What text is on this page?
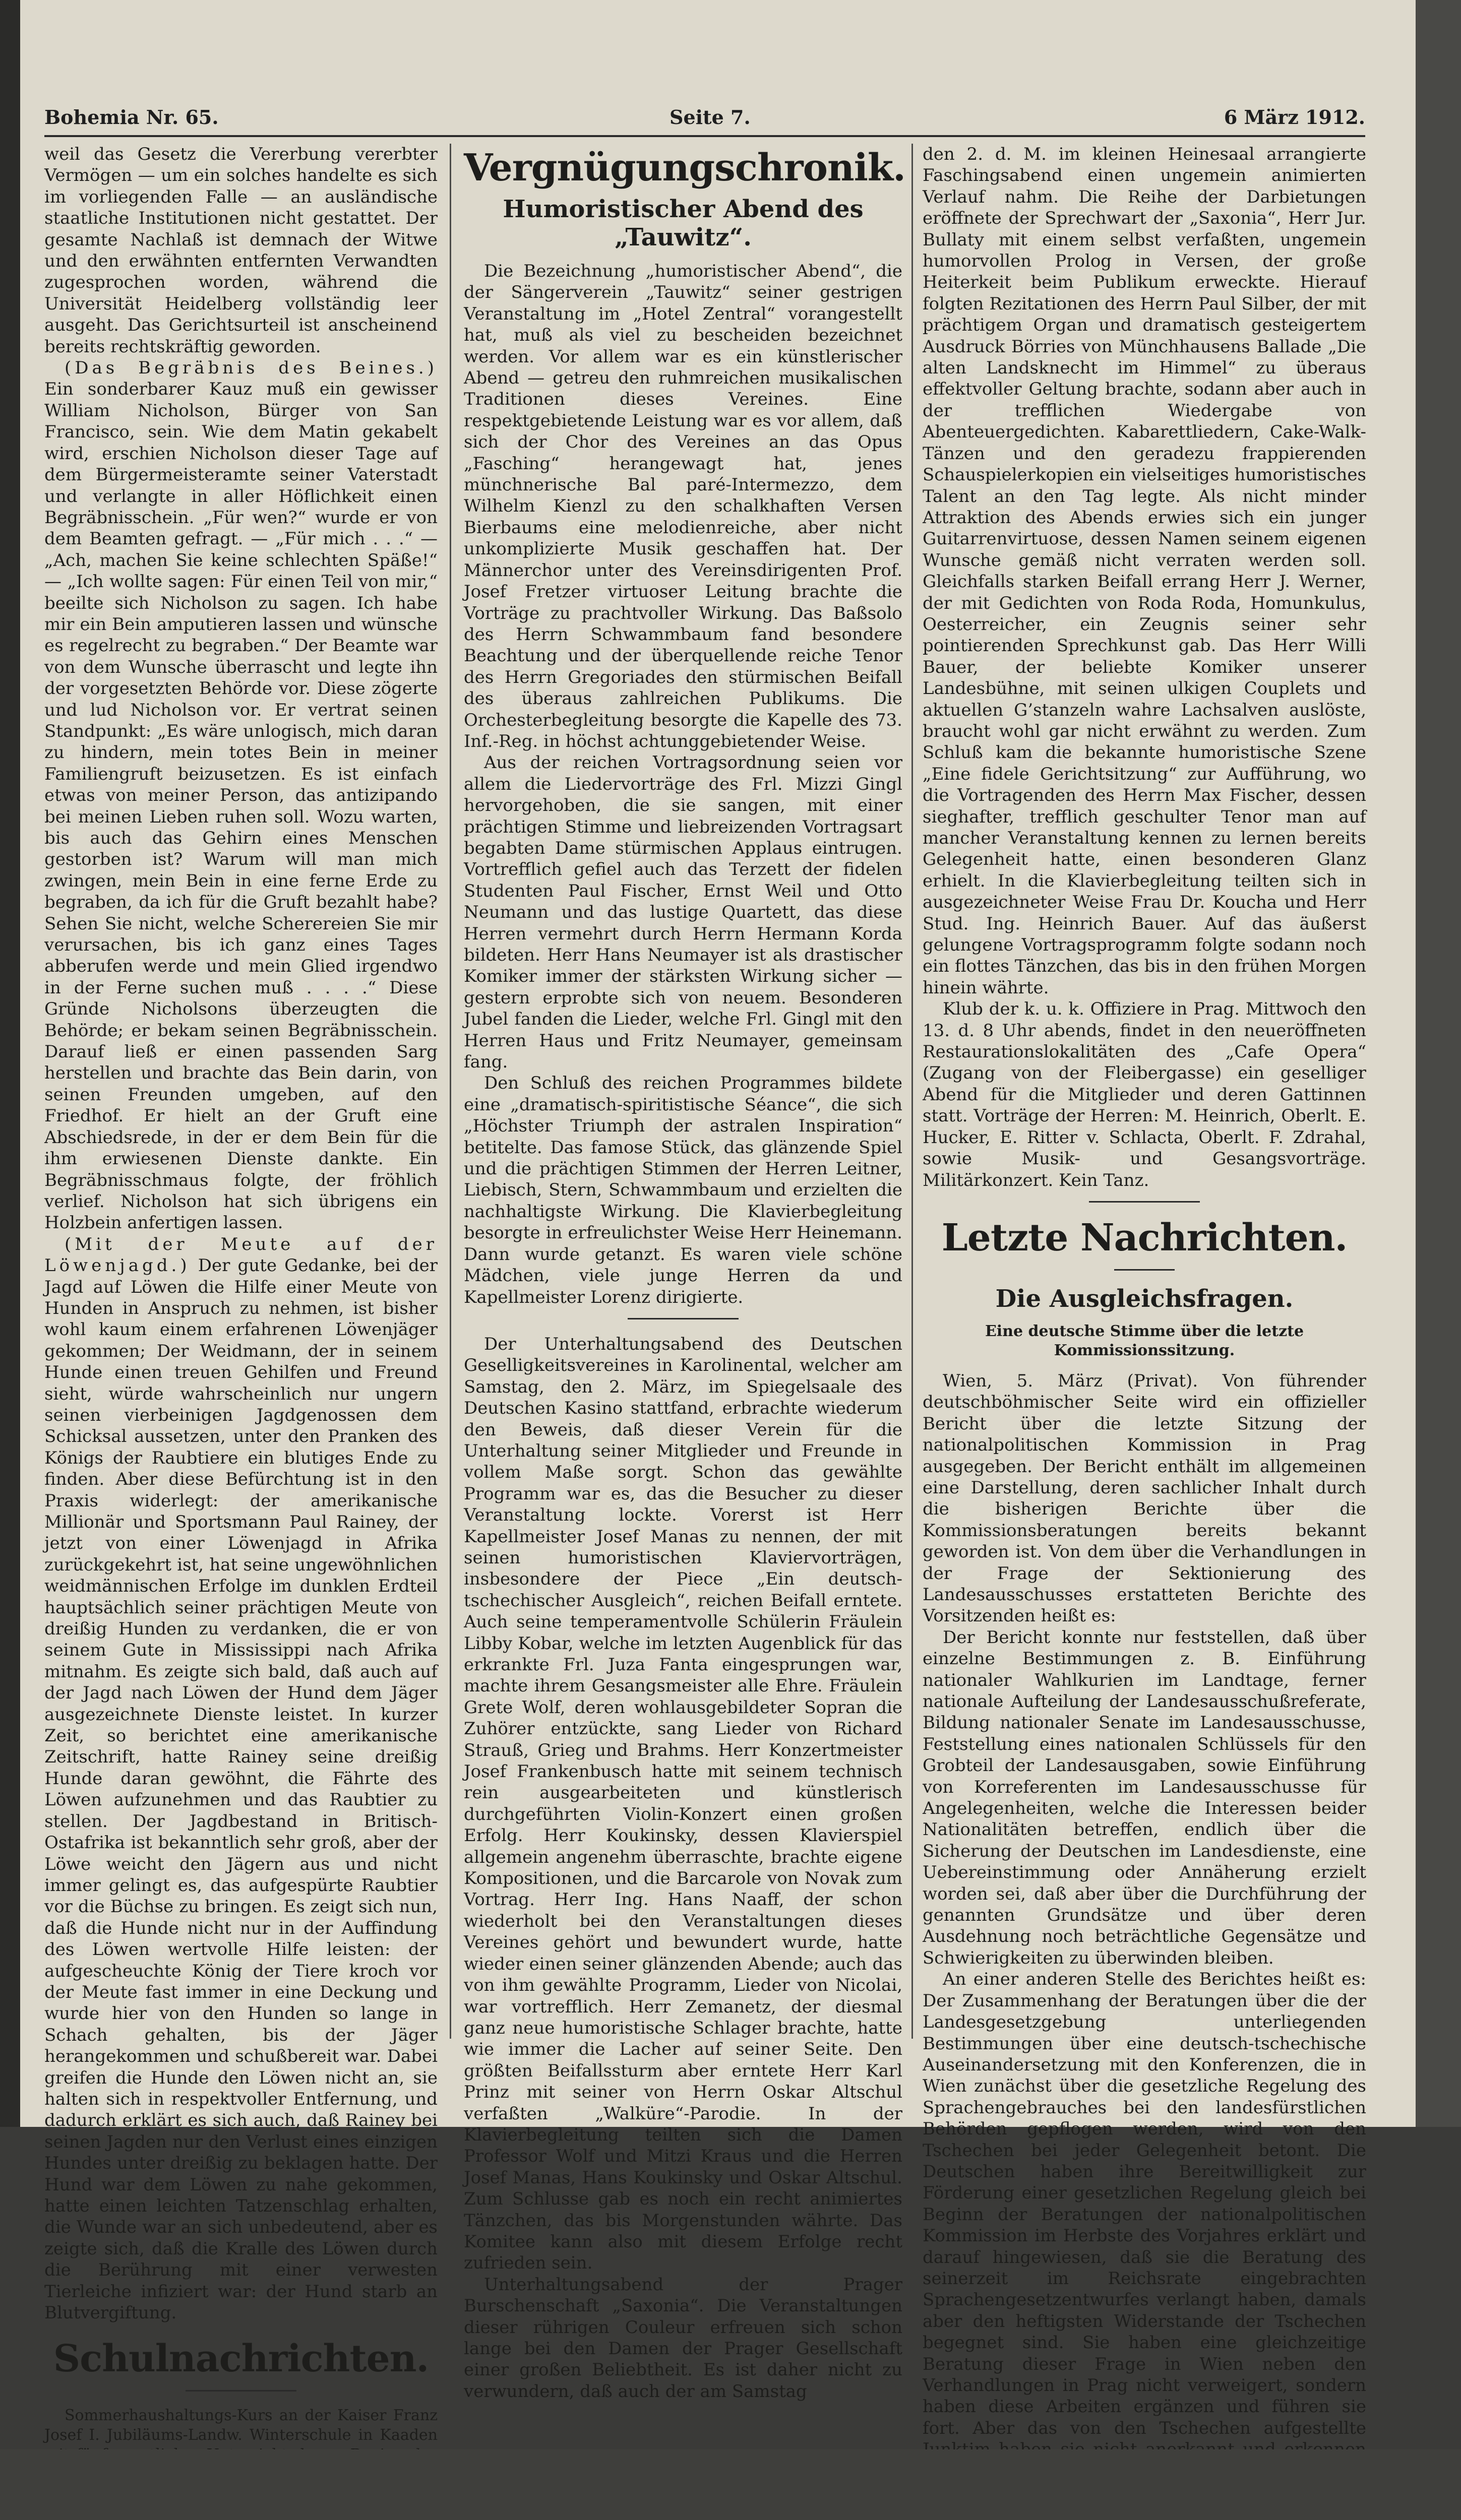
Bohemia Nr. 65.	Seite 7.	6 März 1912.

weil das Gesetz die Vererbung vererbter Vermögen — um ein solches handelte es sich im vorliegenden Falle — an ausländische staatliche Institutionen nicht gestattet. Der gesamte Nachlaß ist demnach der Witwe und den erwähnten entfernten Verwandten zugesprochen worden, während die Universität Heidelberg vollständig leer ausgeht. Das Gerichtsurteil ist anscheinend bereits rechtskräftig geworden.

(Das Begräbnis des Beines.) Ein sonderbarer Kauz muß ein gewisser William Nicholson, Bürger von San Francisco, sein. Wie dem Matin gekabelt wird, erschien Nicholson dieser Tage auf dem Bürgermeisteramte seiner Vaterstadt und verlangte in aller Höflichkeit einen Begräbnisschein. „Für wen?“ wurde er von dem Beamten gefragt. — „Für mich . . .“ — „Ach, machen Sie keine schlechten Späße!“ — „Ich wollte sagen: Für einen Teil von mir,“ beeilte sich Nicholson zu sagen. Ich habe mir ein Bein amputieren lassen und wünsche es regelrecht zu begraben.“ Der Beamte war von dem Wunsche überrascht und legte ihn der vorgesetzten Behörde vor. Diese zögerte und lud Nicholson vor. Er vertrat seinen Standpunkt: „Es wäre unlogisch, mich daran zu hindern, mein totes Bein in meiner Familiengruft beizusetzen. Es ist einfach etwas von meiner Person, das antizipando bei meinen Lieben ruhen soll. Wozu warten, bis auch das Gehirn eines Menschen gestorben ist? Warum will man mich zwingen, mein Bein in eine ferne Erde zu begraben, da ich für die Gruft bezahlt habe? Sehen Sie nicht, welche Scherereien Sie mir verursachen, bis ich ganz eines Tages abberufen werde und mein Glied irgendwo in der Ferne suchen muß . . . .“ Diese Gründe Nicholsons überzeugten die Behörde; er bekam seinen Begräbnisschein. Darauf ließ er einen passenden Sarg herstellen und brachte das Bein darin, von seinen Freunden umgeben, auf den Friedhof. Er hielt an der Gruft eine Abschiedsrede, in der er dem Bein für die ihm erwiesenen Dienste dankte. Ein Begräbnisschmaus folgte, der fröhlich verlief. Nicholson hat sich übrigens ein Holzbein anfertigen lassen.

(Mit der Meute auf der Löwenjagd.) Der gute Gedanke, bei der Jagd auf Löwen die Hilfe einer Meute von Hunden in Anspruch zu nehmen, ist bisher wohl kaum einem erfahrenen Löwenjäger gekommen; Der Weidmann, der in seinem Hunde einen treuen Gehilfen und Freund sieht, würde wahrscheinlich nur ungern seinen vierbeinigen Jagdgenossen dem Schicksal aussetzen, unter den Pranken des Königs der Raubtiere ein blutiges Ende zu finden. Aber diese Befürchtung ist in den Praxis widerlegt: der amerikanische Millionär und Sportsmann Paul Rainey, der jetzt von einer Löwenjagd in Afrika zurückgekehrt ist, hat seine ungewöhnlichen weidmännischen Erfolge im dunklen Erdteil hauptsächlich seiner prächtigen Meute von dreißig Hunden zu verdanken, die er von seinem Gute in Mississippi nach Afrika mitnahm. Es zeigte sich bald, daß auch auf der Jagd nach Löwen der Hund dem Jäger ausgezeichnete Dienste leistet. In kurzer Zeit, so berichtet eine amerikanische Zeitschrift, hatte Rainey seine dreißig Hunde daran gewöhnt, die Fährte des Löwen aufzunehmen und das Raubtier zu stellen. Der Jagdbestand in Britisch-Ostafrika ist bekanntlich sehr groß, aber der Löwe weicht den Jägern aus und nicht immer gelingt es, das aufgespürte Raubtier vor die Büchse zu bringen. Es zeigt sich nun, daß die Hunde nicht nur in der Auffindung des Löwen wertvolle Hilfe leisten: der aufgescheuchte König der Tiere kroch vor der Meute fast immer in eine Deckung und wurde hier von den Hunden so lange in Schach gehalten, bis der Jäger herangekommen und schußbereit war. Dabei greifen die Hunde den Löwen nicht an, sie halten sich in respektvoller Entfernung, und dadurch erklärt es sich auch, daß Rainey bei seinen Jagden nur den Verlust eines einzigen Hundes unter dreißig zu beklagen hatte. Der Hund war dem Löwen zu nahe gekommen, hatte einen leichten Tatzenschlag erhalten, die Wunde war an sich unbedeutend, aber es zeigte sich, daß die Kralle des Löwen durch die Berührung mit einer verwesten Tierleiche infiziert war: der Hund starb an Blutvergiftung.

Schulnachrichten.

Sommerhaushaltungs-Kurs an der Kaiser Franz Josef I. Jubiläums-Landw. Winterschule in Kaaden

Vergnügungschronik.
Humoristischer Abend des „Tauwitz“.

Die Bezeichnung „humoristischer Abend“, die der Sängerverein „Tauwitz“ seiner gestrigen Veranstaltung im „Hotel Zentral“ vorangestellt hat, muß als viel zu bescheiden bezeichnet werden. Vor allem war es ein künstlerischer Abend — getreu den ruhmreichen musikalischen Traditionen dieses Vereines. Eine respektgebietende Leistung war es vor allem, daß sich der Chor des Vereines an das Opus „Fasching“ herangewagt hat, jenes münchnerische Bal paré-Intermezzo, dem Wilhelm Kienzl zu den schalkhaften Versen Bierbaums eine melodienreiche, aber nicht unkomplizierte Musik geschaffen hat. Der Männerchor unter des Vereinsdirigenten Prof. Josef Fretzer virtuoser Leitung brachte die Vorträge zu prachtvoller Wirkung. Das Baßsolo des Herrn Schwammbaum fand besondere Beachtung und der überquellende reiche Tenor des Herrn Gregoriades den stürmischen Beifall des überaus zahlreichen Publikums. Die Orchesterbegleitung besorgte die Kapelle des 73. Inf.-Reg. in höchst achtunggebietender Weise.

Aus der reichen Vortragsordnung seien vor allem die Liedervorträge des Frl. Mizzi Gingl hervorgehoben, die sie sangen, mit einer prächtigen Stimme und liebreizenden Vortragsart begabten Dame stürmischen Applaus eintrugen. Vortrefflich gefiel auch das Terzett der fidelen Studenten Paul Fischer, Ernst Weil und Otto Neumann und das lustige Quartett, das diese Herren vermehrt durch Herrn Hermann Korda bildeten. Herr Hans Neumayer ist als drastischer Komiker immer der stärksten Wirkung sicher — gestern erprobte sich von neuem. Besonderen Jubel fanden die Lieder, welche Frl. Gingl mit den Herren Haus und Fritz Neumayer, gemeinsam fang.

Den Schluß des reichen Programmes bildete eine „dramatisch-spiritistische Séance“, die sich „Höchster Triumph der astralen Inspiration“ betitelte. Das famose Stück, das glänzende Spiel und die prächtigen Stimmen der Herren Leitner, Liebisch, Stern, Schwammbaum und erzielten die nachhaltigste Wirkung. Die Klavierbegleitung besorgte in erfreulichster Weise Herr Heinemann. Dann wurde getanzt. Es waren viele schöne Mädchen, viele junge Herren da und Kapellmeister Lorenz dirigierte.

Der Unterhaltungsabend des Deutschen Geselligkeitsvereines in Karolinental, welcher am Samstag, den 2. März, im Spiegelsaale des Deutschen Kasino stattfand, erbrachte wiederum den Beweis, daß dieser Verein für die Unterhaltung seiner Mitglieder und Freunde in vollem Maße sorgt. Schon das gewählte Programm war es, das die Besucher zu dieser Veranstaltung lockte. Vorerst ist Herr Kapellmeister Josef Manas zu nennen, der mit seinen humoristischen Klaviervorträgen, insbesondere der Piece „Ein deutsch-tschechischer Ausgleich“, reichen Beifall erntete. Auch seine temperamentvolle Schülerin Fräulein Libby Kobar, welche im letzten Augenblick für das erkrankte Frl. Juza Fanta eingesprungen war, machte ihrem Gesangsmeister alle Ehre. Fräulein Grete Wolf, deren wohlausgebildeter Sopran die Zuhörer entzückte, sang Lieder von Richard Strauß, Grieg und Brahms. Herr Konzertmeister Josef Frankenbusch hatte mit seinem technisch rein ausgearbeiteten und künstlerisch durchgeführten Violin-Konzert einen großen Erfolg. Herr Koukinsky, dessen Klavierspiel allgemein angenehm überraschte, brachte eigene Kompositionen, und die Barcarole von Novak zum Vortrag. Herr Ing. Hans Naaff, der schon wiederholt bei den Veranstaltungen dieses Vereines gehört und bewundert wurde, hatte wieder einen seiner glänzenden Abende; auch das von ihm gewählte Programm, Lieder von Nicolai, war vortrefflich. Herr Zemanetz, der diesmal ganz neue humoristische Schlager brachte, hatte wie immer die Lacher auf seiner Seite. Den größten Beifallssturm aber erntete Herr Karl Prinz mit seiner von Herrn Oskar Altschul verfaßten „Walküre“-Parodie. In der Klavierbegleitung teilten sich die Damen Professor Wolf und Mitzi Kraus und die Herren Josef Manas, Hans Koukinsky und Oskar Altschul. Zum Schlusse gab es noch ein recht animiertes Tänzchen, das bis Morgenstunden währte. Das Komitee kann also mit diesem Erfolge recht zufrieden sein.

Unterhaltungsabend der Prager Burschenschaft „Saxonia“. Die Veranstaltungen dieser rührigen Couleur erfreuen sich schon lange bei den Damen der Prager Gesellschaft einer großen Beliebtheit. Es ist daher nicht zu verwundern, daß auch der am Samstag

den 2. d. M. im kleinen Heinesaal arrangierte Faschingsabend einen ungemein animierten Verlauf nahm. Die Reihe der Darbietungen eröffnete der Sprechwart der „Saxonia“, Herr Jur. Bullaty mit einem selbst verfaßten, ungemein humorvollen Prolog in Versen, der große Heiterkeit beim Publikum erweckte. Hierauf folgten Rezitationen des Herrn Paul Silber, der mit prächtigem Organ und dramatisch gesteigertem Ausdruck Börries von Münchhausens Ballade „Die alten Landsknecht im Himmel“ zu überaus effektvoller Geltung brachte, sodann aber auch in der trefflichen Wiedergabe von Abenteuergedichten. Kabarettliedern, Cake-Walk-Tänzen und den geradezu frappierenden Schauspielerkopien ein vielseitiges humoristisches Talent an den Tag legte. Als nicht minder Attraktion des Abends erwies sich ein junger Guitarrenvirtuose, dessen Namen seinem eigenen Wunsche gemäß nicht verraten werden soll. Gleichfalls starken Beifall errang Herr J. Werner, der mit Gedichten von Roda Roda, Homunkulus, Oesterreicher, ein Zeugnis seiner sehr pointierenden Sprechkunst gab. Das Herr Willi Bauer, der beliebte Komiker unserer Landesbühne, mit seinen ulkigen Couplets und aktuellen G’stanzeln wahre Lachsalven auslöste, braucht wohl gar nicht erwähnt zu werden. Zum Schluß kam die bekannte humoristische Szene „Eine fidele Gerichtsitzung“ zur Aufführung, wo die Vortragenden des Herrn Max Fischer, dessen sieghafter, trefflich geschulter Tenor man auf mancher Veranstaltung kennen zu lernen bereits Gelegenheit hatte, einen besonderen Glanz erhielt. In die Klavierbegleitung teilten sich in ausgezeichneter Weise Frau Dr. Koucha und Herr Stud. Ing. Heinrich Bauer. Auf das äußerst gelungene Vortragsprogramm folgte sodann noch ein flottes Tänzchen, das bis in den frühen Morgen hinein währte.

Klub der k. u. k. Offiziere in Prag. Mittwoch den 13. d. 8 Uhr abends, findet in den neueröffneten Restaurationslokalitäten des „Cafe Opera“ (Zugang von der Fleibergasse) ein geselliger Abend für die Mitglieder und deren Gattinnen statt. Vorträge der Herren: M. Heinrich, Oberlt. E. Hucker, E. Ritter v. Schlacta, Oberlt. F. Zdrahal, sowie Musik- und Gesangsvorträge. Militärkonzert. Kein Tanz.

Letzte Nachrichten.
Die Ausgleichsfragen.
Eine deutsche Stimme über die letzte Kommissionssitzung.

Wien, 5. März (Privat). Von führender deutschböhmischer Seite wird ein offizieller Bericht über die letzte Sitzung der nationalpolitischen Kommission in Prag ausgegeben. Der Bericht enthält im allgemeinen eine Darstellung, deren sachlicher Inhalt durch die bisherigen Berichte über die Kommissionsberatungen bereits bekannt geworden ist. Von dem über die Verhandlungen in der Frage der Sektionierung des Landesausschusses erstatteten Berichte des Vorsitzenden heißt es:

Der Bericht konnte nur feststellen, daß über einzelne Bestimmungen z. B. Einführung nationaler Wahlkurien im Landtage, ferner nationale Aufteilung der Landesausschußreferate, Bildung nationaler Senate im Landesausschusse, Feststellung eines nationalen Schlüssels für den Grobteil der Landesausgaben, sowie Einführung von Korreferenten im Landesausschusse für Angelegenheiten, welche die Interessen beider Nationalitäten betreffen, endlich über die Sicherung der Deutschen im Landesdienste, eine Uebereinstimmung oder Annäherung erzielt worden sei, daß aber über die Durchführung der genannten Grundsätze und über deren Ausdehnung noch beträchtliche Gegensätze und Schwierigkeiten zu überwinden bleiben.

An einer anderen Stelle des Berichtes heißt es: Der Zusammenhang der Beratungen über die der Landesgesetzgebung unterliegenden Bestimmungen über eine deutsch-tschechische Auseinandersetzung mit den Konferenzen, die in Wien zunächst über die gesetzliche Regelung des Sprachengebrauches bei den landesfürstlichen Behörden gepflogen werden, wird von den Tschechen bei jeder Gelegenheit betont. Die Deutschen haben ihre Bereitwilligkeit zur Förderung einer gesetzlichen Regelung gleich bei Beginn der Beratungen der nationalpolitischen Kommission im Herbste des Vorjahres erklärt und darauf hingewiesen, daß sie die Beratung des seinerzeit im Reichsrate eingebrachten Sprachengesetzentwurfes verlangt haben, damals aber den heftigsten Widerstande der Tschechen begegnet sind. Sie haben eine gleichzeitige Beratung dieser Frage in Wien neben den Verhandlungen in Prag nicht verweigert, sondern haben diese Arbeiten ergänzen und führen sie fort. Aber das von den Tschechen aufgestellte
